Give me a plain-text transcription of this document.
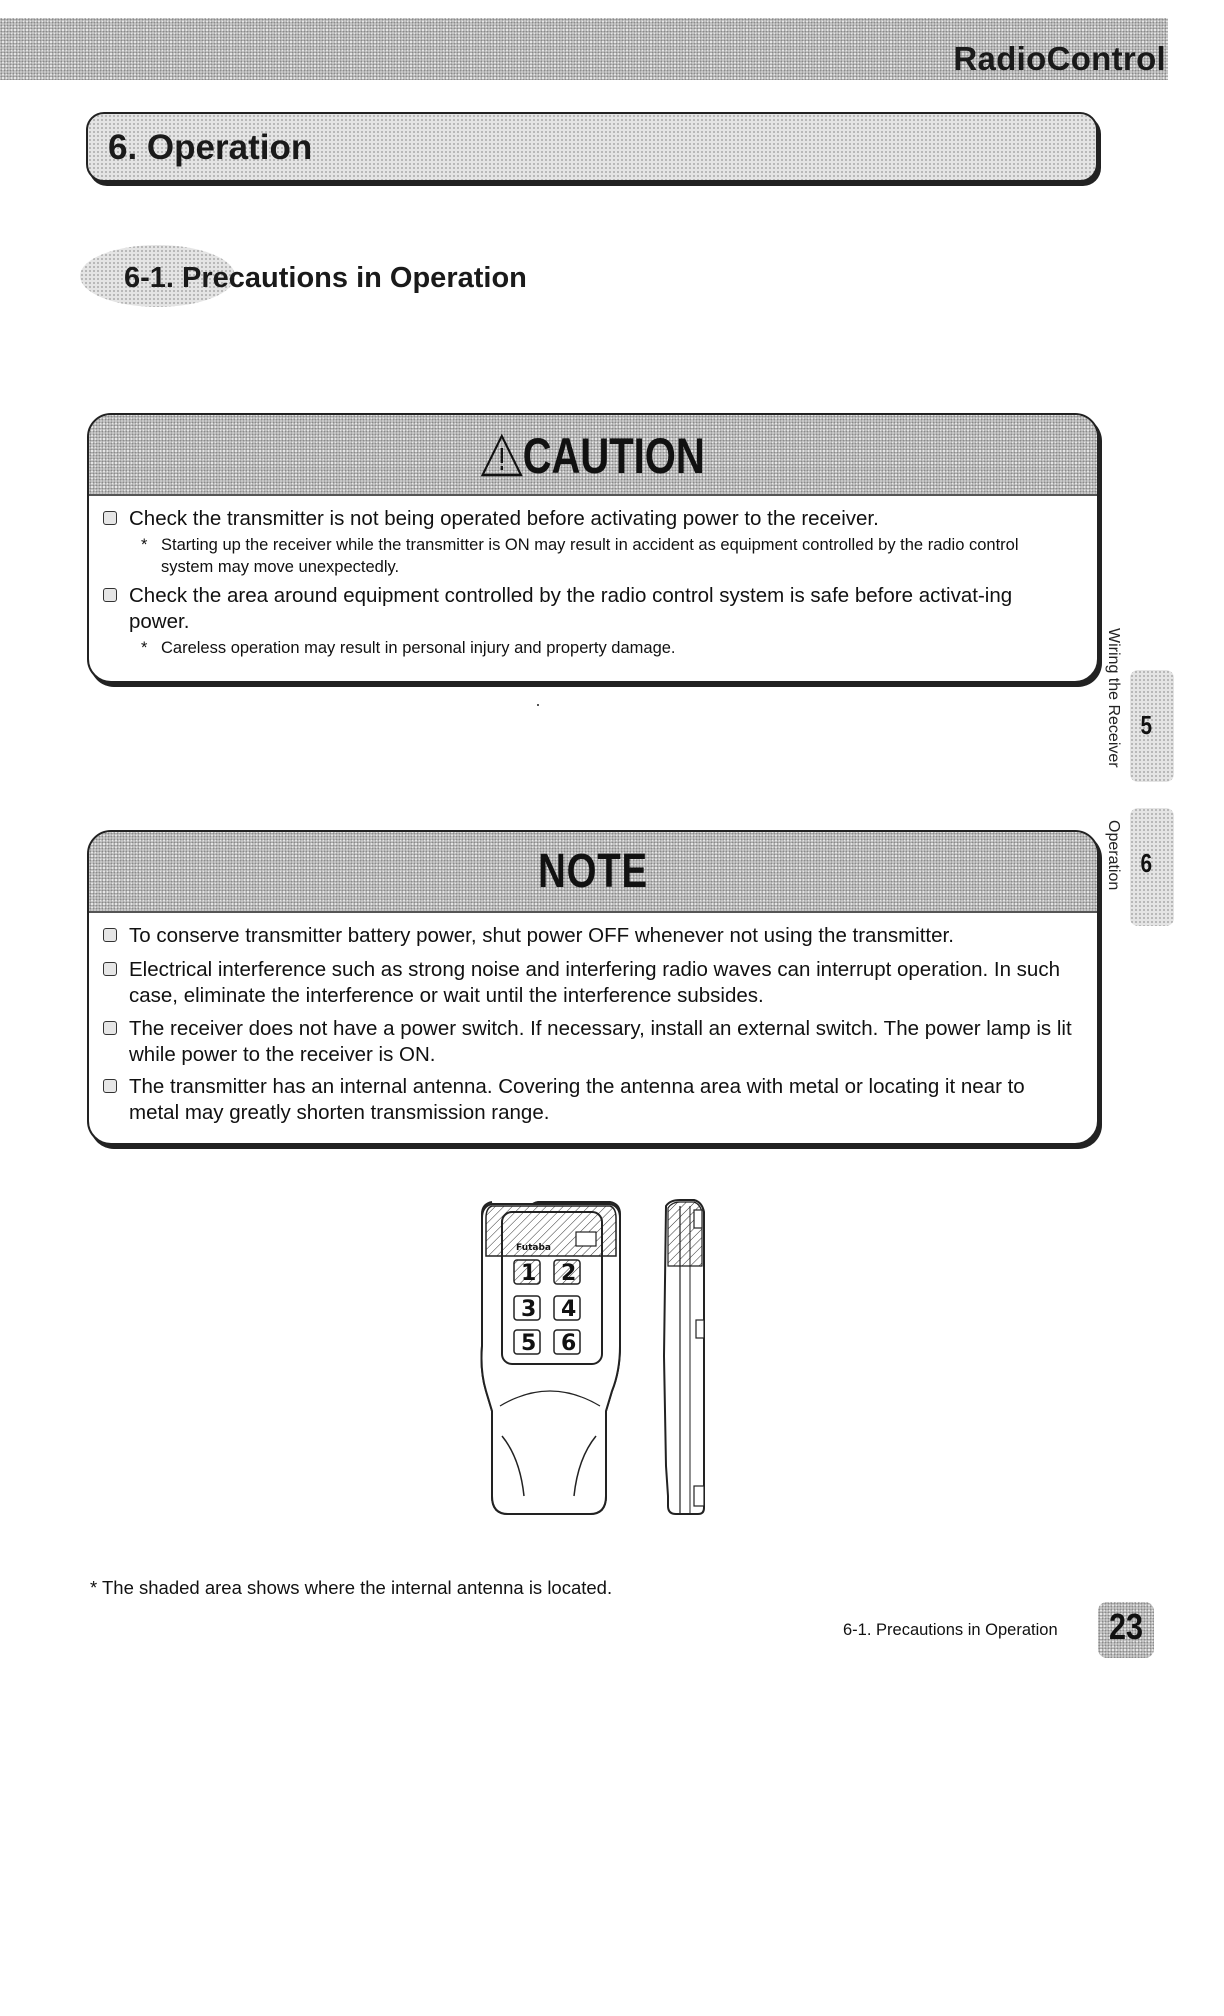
RadioControl
6. Operation
6-1. Precautions in Operation
CAUTION
Check the transmitter is not being operated before activating power to the receiver.
* Starting up the receiver while the transmitter is ON may result in accident as equipment controlled by the radio control system may move unexpectedly.
Check the area around equipment controlled by the radio control system is safe before activat-ing power.
* Careless operation may result in personal injury and property damage.
NOTE
To conserve transmitter battery power, shut power OFF whenever not using the transmitter.
Electrical interference such as strong noise and interfering radio waves can interrupt operation. In such case, eliminate the interference or wait until the interference subsides.
The receiver does not have a power switch. If necessary, install an external switch. The power lamp is lit while power to the receiver is ON.
The transmitter has an internal antenna. Covering the antenna area with metal or locating it near to metal may greatly shorten transmission range.
Wiring the Receiver 5
Operation 6
Futaba
1 2
3 4
5 6
* The shaded area shows where the internal antenna is located.
6-1. Precautions in Operation 23
